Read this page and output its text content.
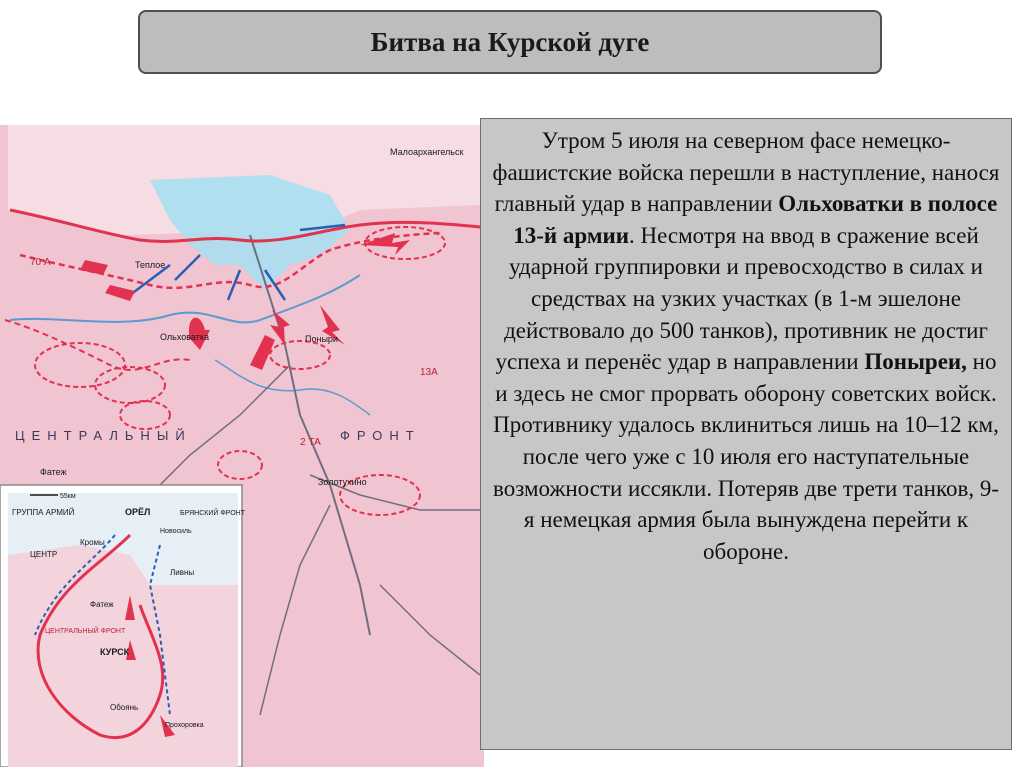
Битва на Курской дуге
Поныри
Ольховатка
Теплое
Фатеж
Золотухино
Малоархангельск
ЦЕНТРАЛЬНЫЙ	ФРОНТ
70 А
13А
2 ТА
ГРУППА АРМИЙ
ЦЕНТР
ОРЁЛ	БРЯНСКИЙ ФРОНТ
Новосиль
Кромы
Ливны
Фатеж
ЦЕНТРАЛЬНЫЙ ФРОНТ
КУРСК
Обоянь
Прохоровка
55км

Утром 5 июля на северном фасе немецко-фашистские войска перешли в наступление, нанося главный удар в направлении Ольховатки в полосе 13-й армии. Несмотря на ввод в сражение всей ударной группировки и превосходство в силах и средствах на узких участках (в 1-м эшелоне действовало до 500 танков), противник не достиг успеха и перенёс удар в направлении Поныреи, но и здесь не смог прорвать оборону советских войск. Противнику удалось вклиниться лишь на 10–12 км, после чего уже с 10 июля его наступательные возможности иссякли. Потеряв две трети танков, 9-я немецкая армия была вынуждена перейти к обороне.
